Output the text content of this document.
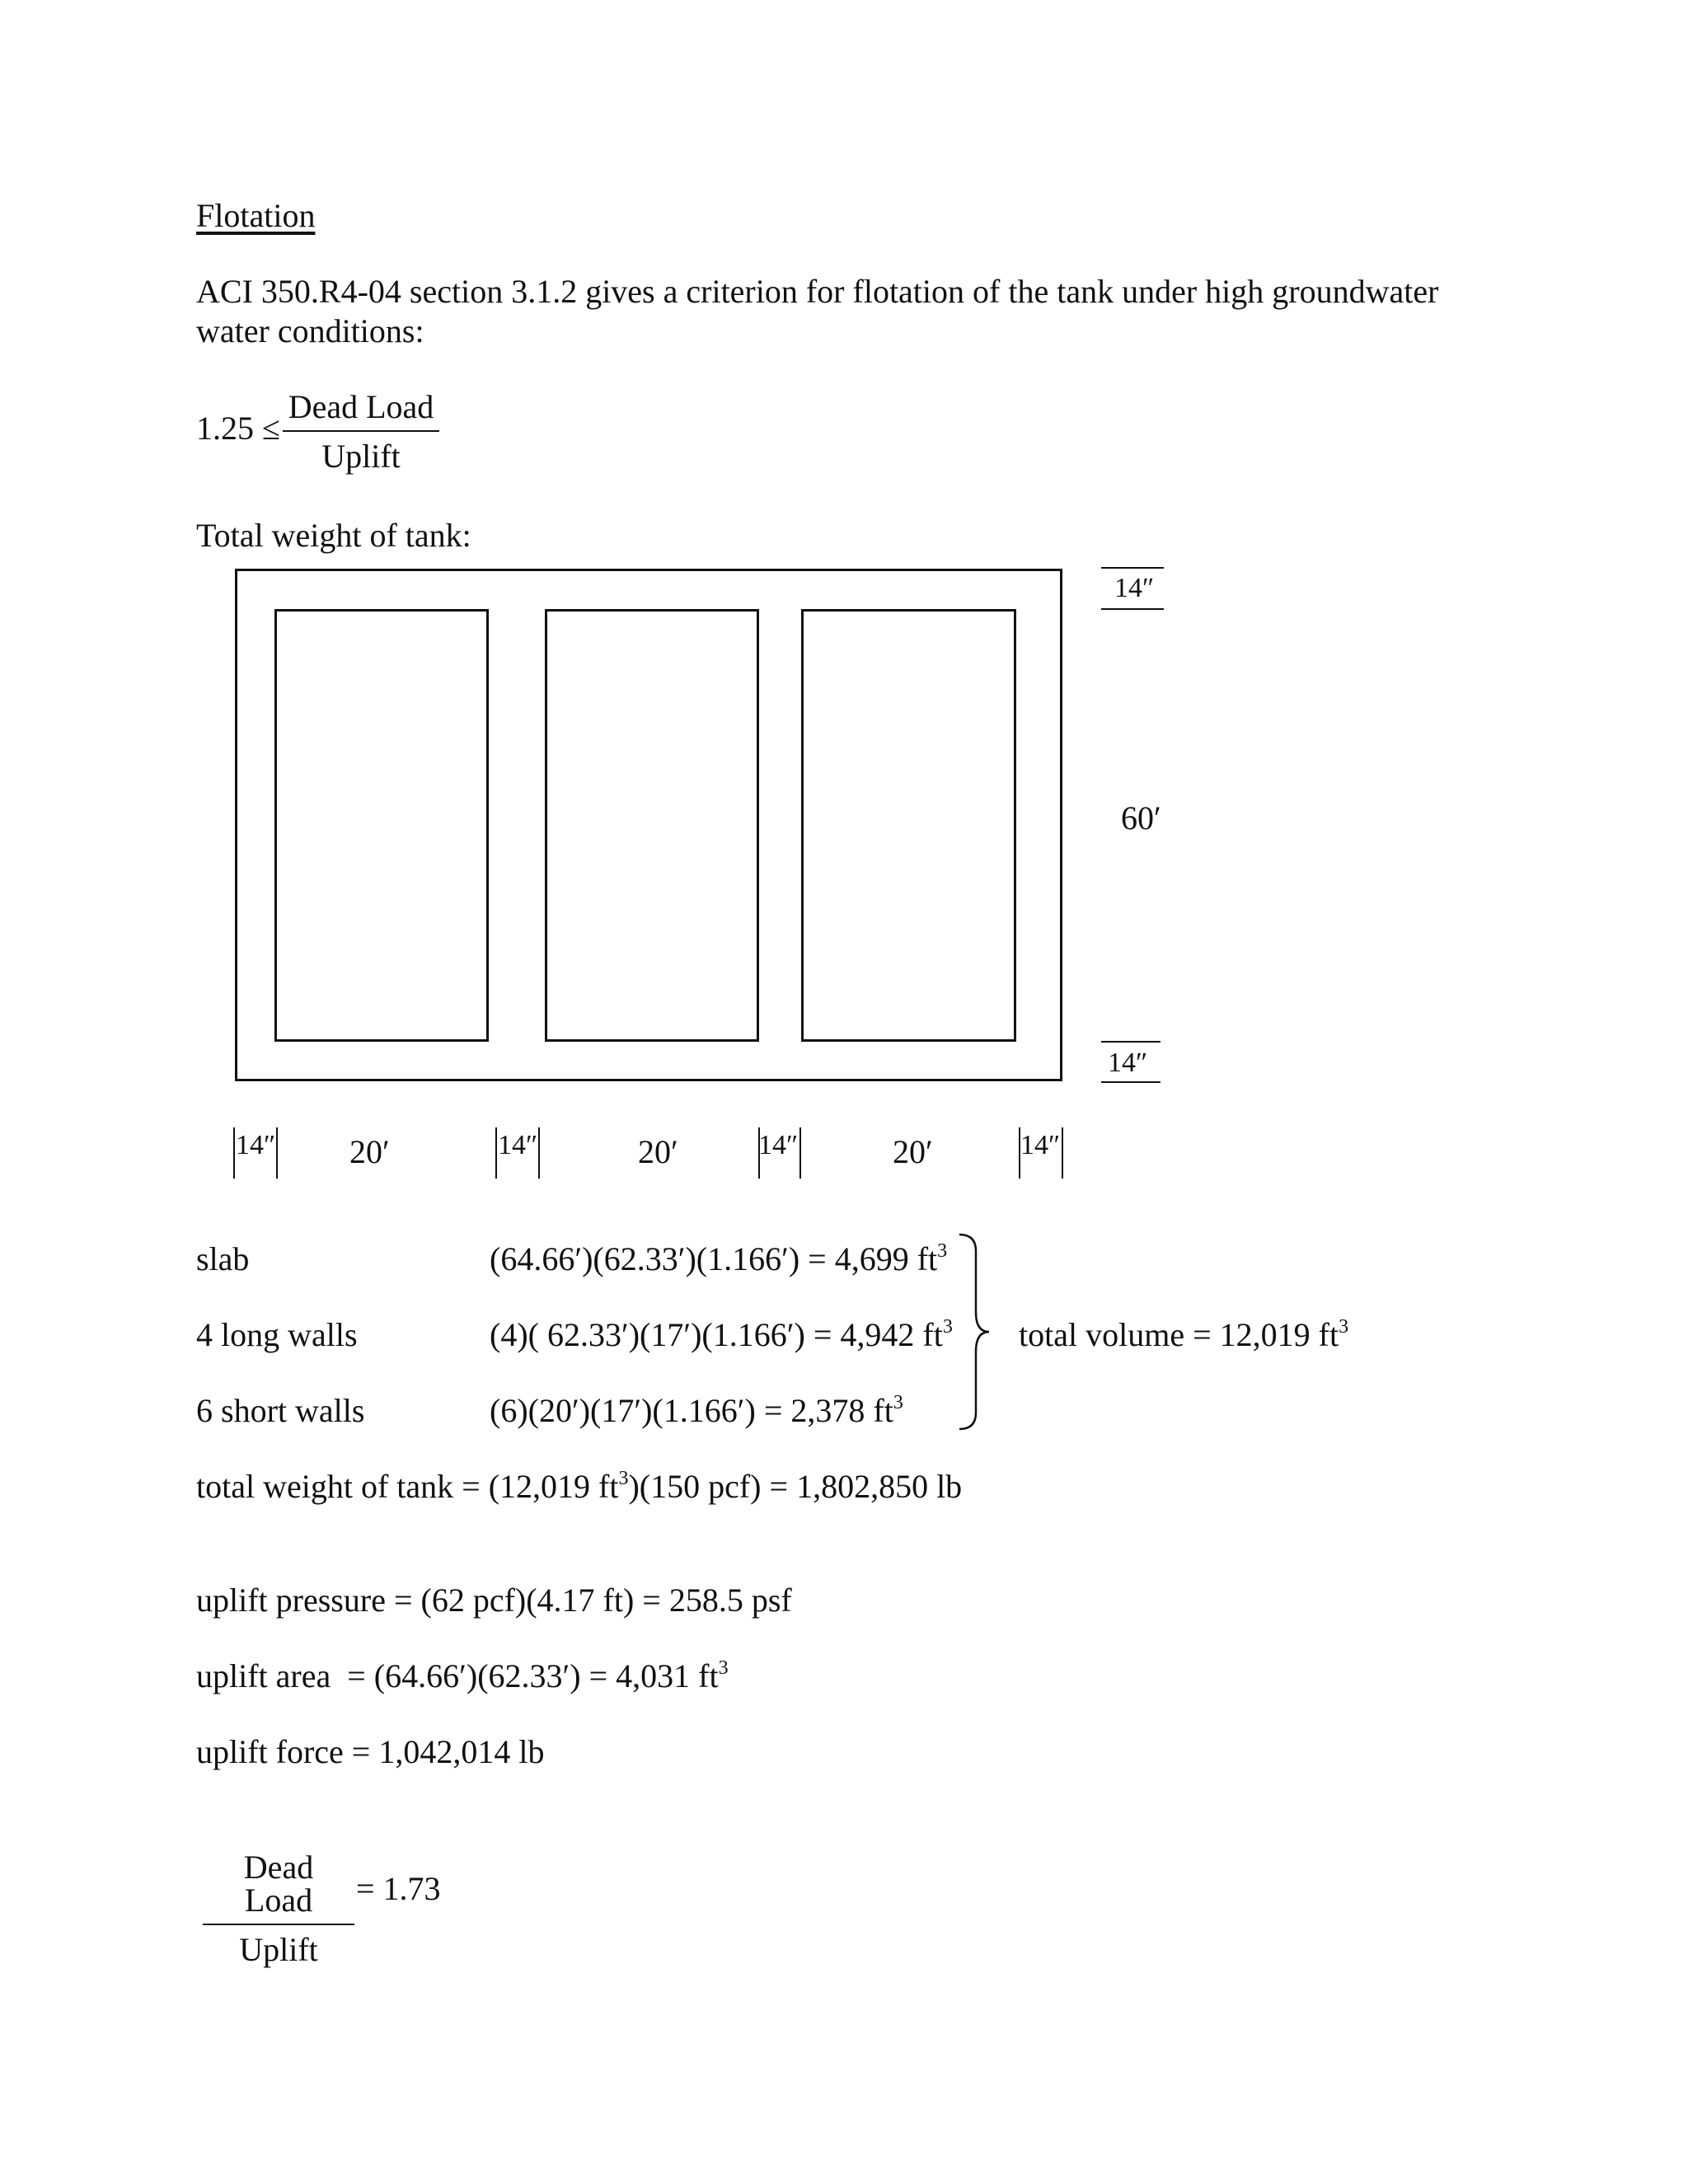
Flotation
ACI 350.R4-04 section 3.1.2 gives a criterion for flotation of the tank under high groundwater
water conditions:
1.25 ≤
Dead Load
Uplift
Total weight of tank:
14″
60′
14″
14″ 20′	14″	20′	14″	20′	14″
slab	(64.66′)(62.33′)(1.166′) = 4,699 $ft^3$
4 long walls	(4)( 62.33′)(17′)(1.166′) = 4,942 $ft^3$
6 short walls	(6)(20′)(17′)(1.166′) = 2,378 $ft^3$
total volume = 12,019 $ft^3$
total weight of tank = (12,019 $ft^3)(150$ pcf) = 1,802,850 lb
uplift pressure = (62 pcf)(4.17 ft) = 258.5 psf
uplift area  = (64.66′)(62.33′) = 4,031 $ft^3$
uplift force = 1,042,014 lb
Dead Load
Uplift
= 1.73
